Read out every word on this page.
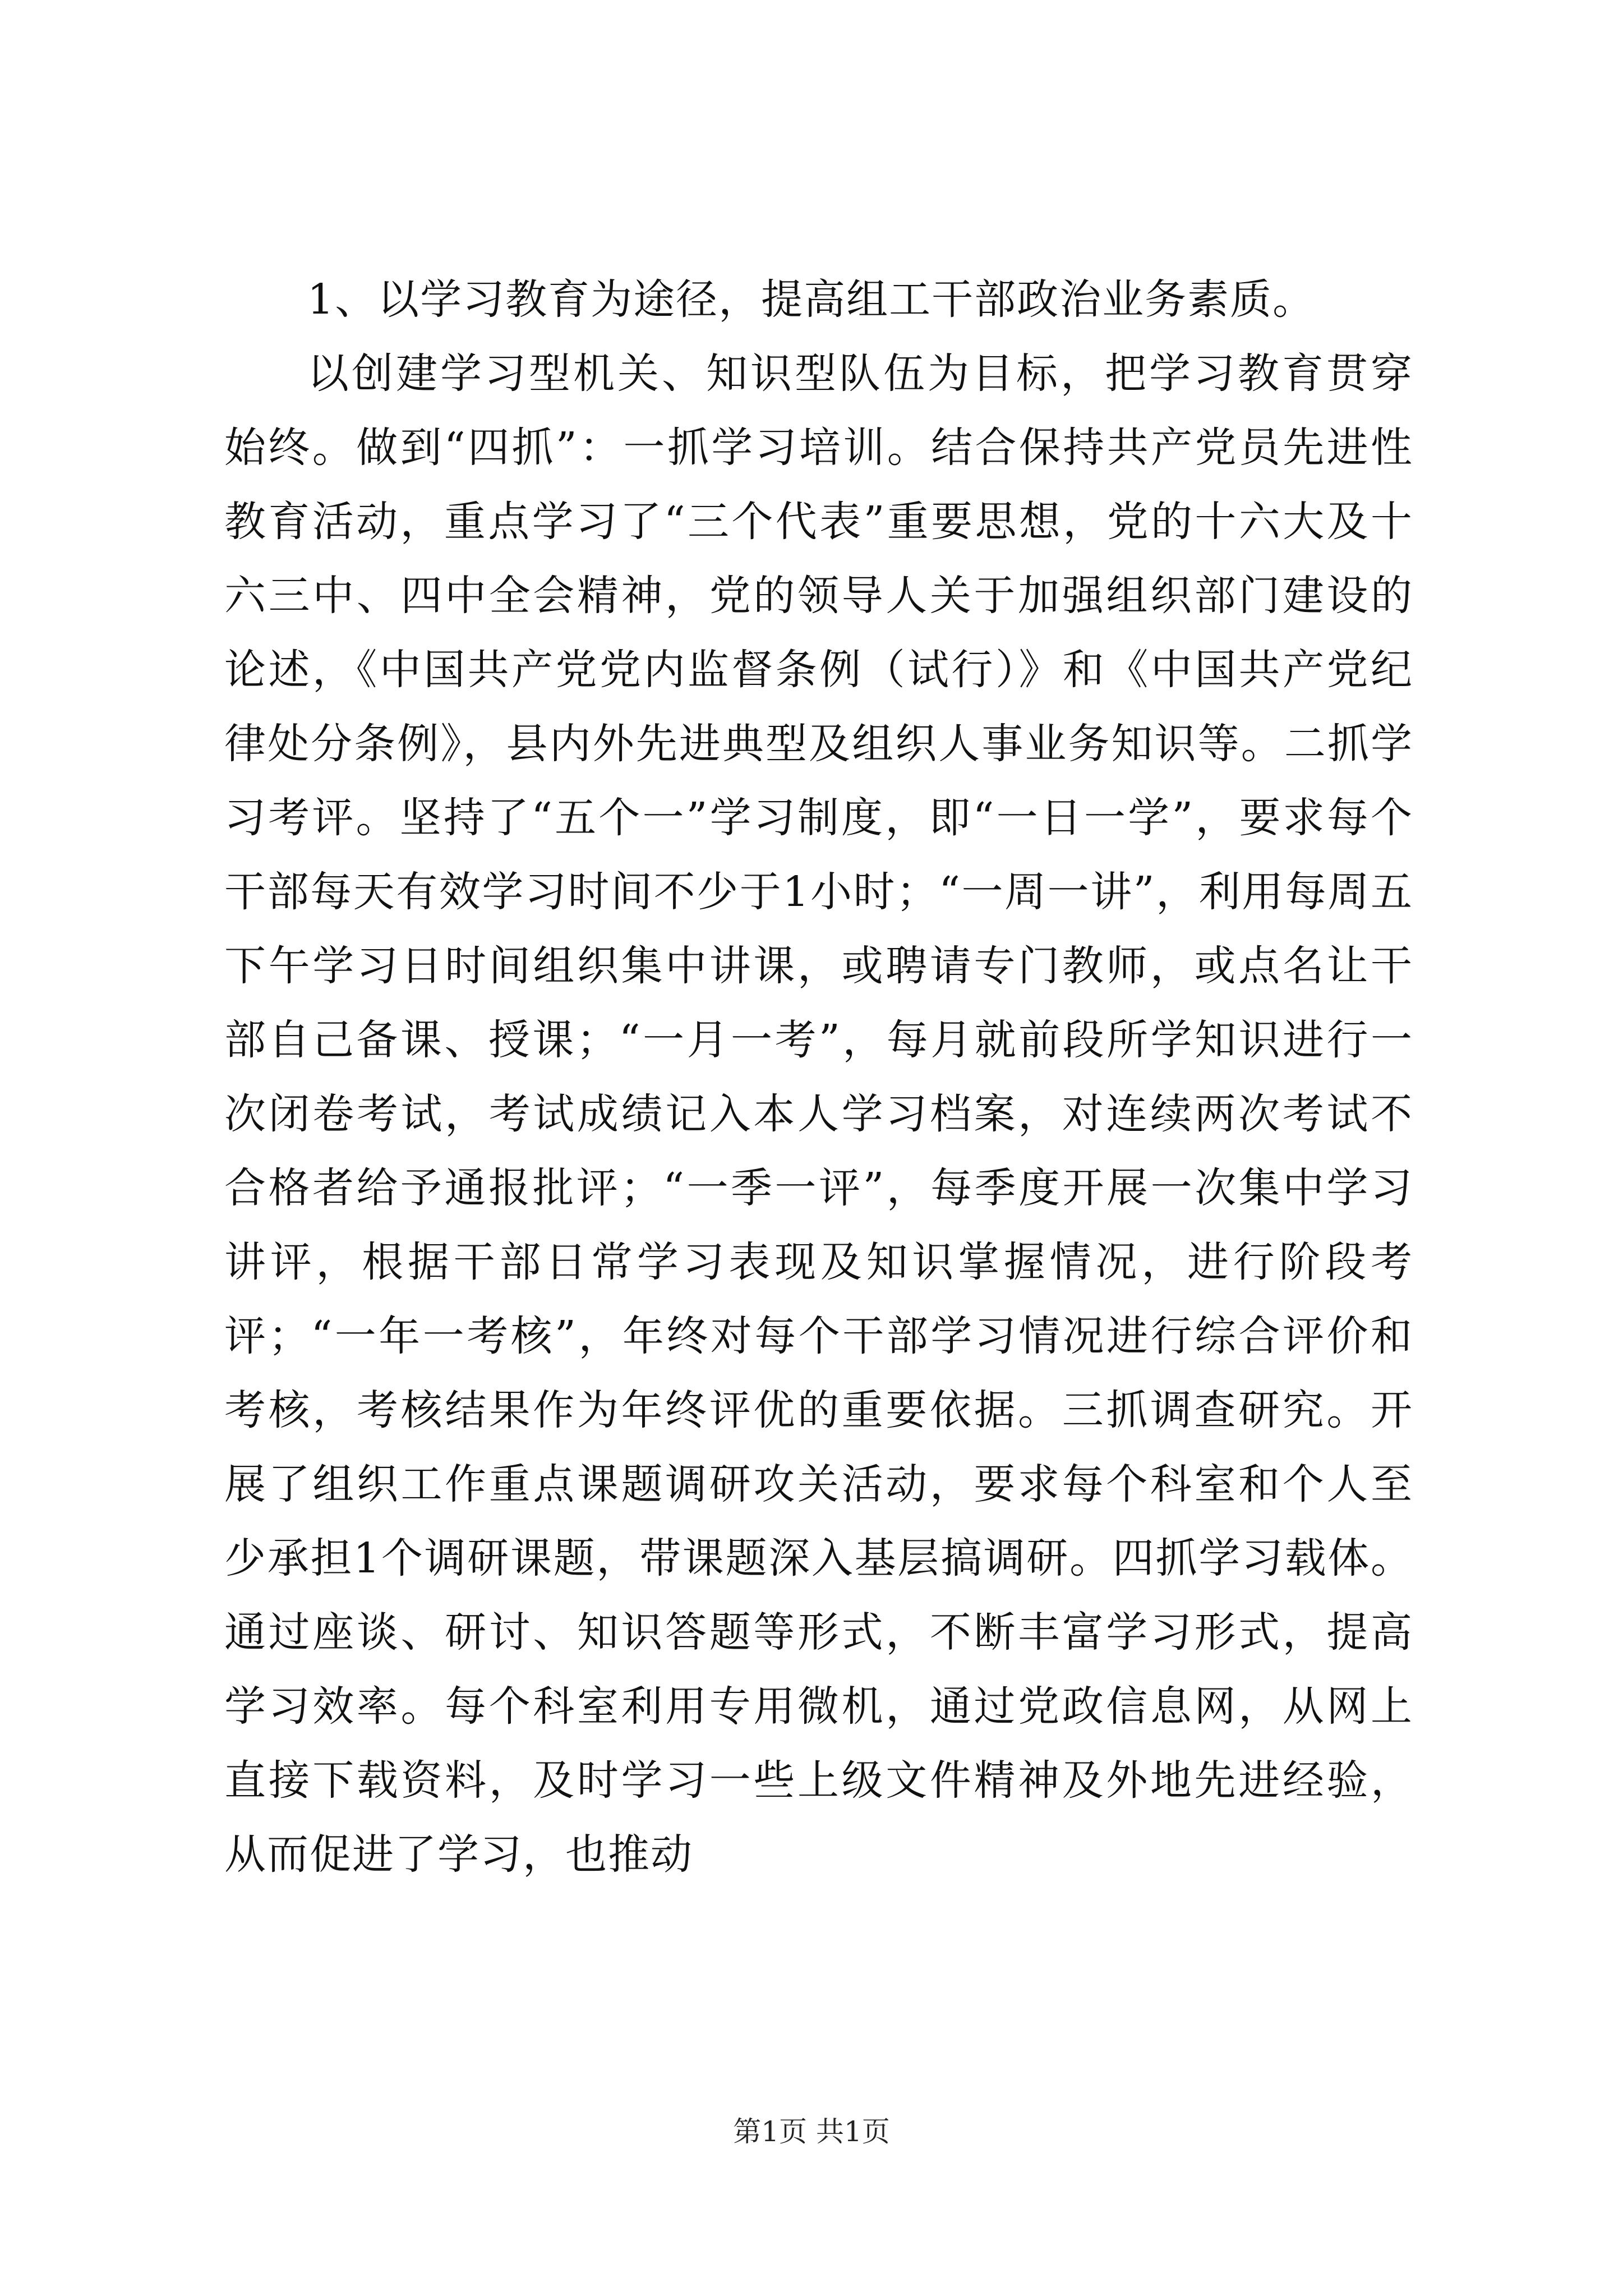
1、以学习教育为途径，提高组工干部政治业务素质。

以创建学习型机关、知识型队伍为目标，把学习教育贯穿始终。做到“四抓”：一抓学习培训。结合保持共产党员先进性教育活动，重点学习了“三个代表”重要思想，党的十六大及十六三中、四中全会精神，党的领导人关于加强组织部门建设的论述，《中国共产党党内监督条例（试行）》和《中国共产党纪律处分条例》，县内外先进典型及组织人事业务知识等。二抓学习考评。坚持了“五个一”学习制度，即“一日一学”，要求每个干部每天有效学习时间不少于1小时；“一周一讲”，利用每周五下午学习日时间组织集中讲课，或聘请专门教师，或点名让干部自己备课、授课；“一月一考”，每月就前段所学知识进行一次闭卷考试，考试成绩记入本人学习档案，对连续两次考试不合格者给予通报批评；“一季一评”，每季度开展一次集中学习讲评，根据干部日常学习表现及知识掌握情况，进行阶段考评；“一年一考核”，年终对每个干部学习情况进行综合评价和考核，考核结果作为年终评优的重要依据。三抓调查研究。开展了组织工作重点课题调研攻关活动，要求每个科室和个人至少承担1个调研课题，带课题深入基层搞调研。四抓学习载体。通过座谈、研讨、知识答题等形式，不断丰富学习形式，提高学习效率。每个科室利用专用微机，通过党政信息网，从网上直接下载资料，及时学习一些上级文件精神及外地先进经验，从而促进了学习，也推动

第1页 共1页
